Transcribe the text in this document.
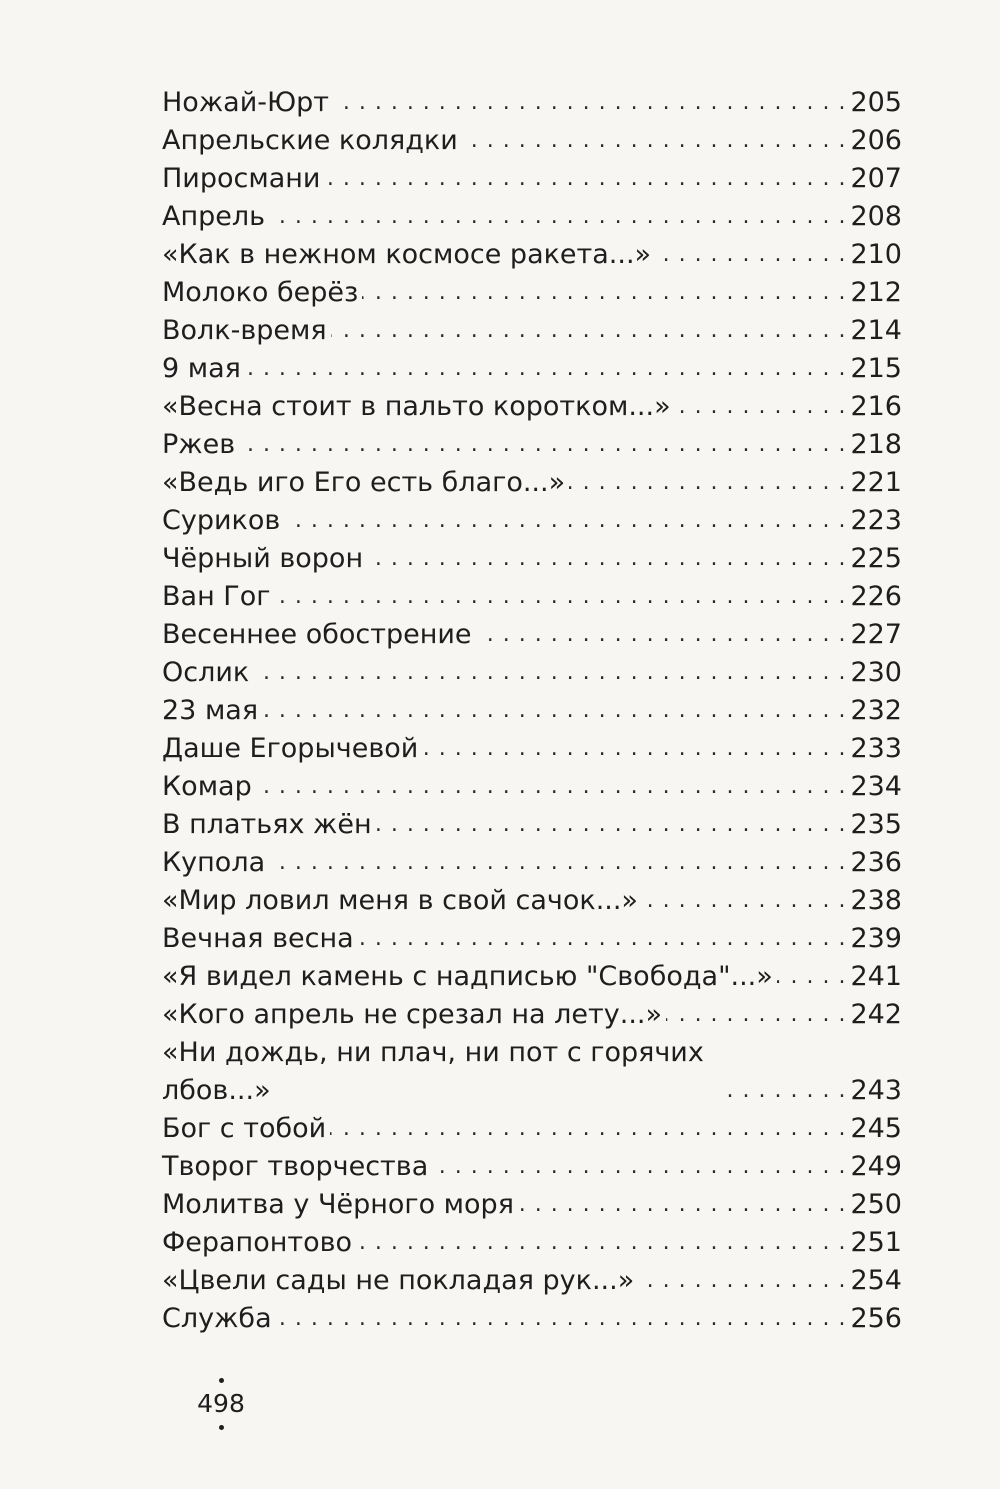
Ножай-Юрт . . .	205
Апрельские колядки . . .	206
Пиросмани . . .	207
Апрель . . .	208
«Как в нежном космосе ракета...» . . .	210
Молоко берёз . . .	212
Волк-время . . .	214
9 мая . . .	215
«Весна стоит в пальто коротком...» . . .	216
Ржев . . .	218
«Ведь иго Его есть благо...» . . .	221
Суриков . . .	223
Чёрный ворон . . .	225
Ван Гог . . .	226
Весеннее обострение . . .	227
Ослик . . .	230
23 мая . . .	232
Даше Егорычевой . . .	233
Комар . . .	234
В платьях жён . . .	235
Купола . . .	236
«Мир ловил меня в свой сачок...» . . .	238
Вечная весна . . .	239
«Я видел камень с надписью "Свобода"...» . . .	241
«Кого апрель не срезал на лету...» . . .	242
«Ни дождь, ни плач, ни пот с горячих лбов...» . . .	243
Бог с тобой . . .	245
Творог творчества . . .	249
Молитва у Чёрного моря . . .	250
Ферапонтово . . .	251
«Цвели сады не покладая рук...» . . .	254
Служба . . .	256
498
